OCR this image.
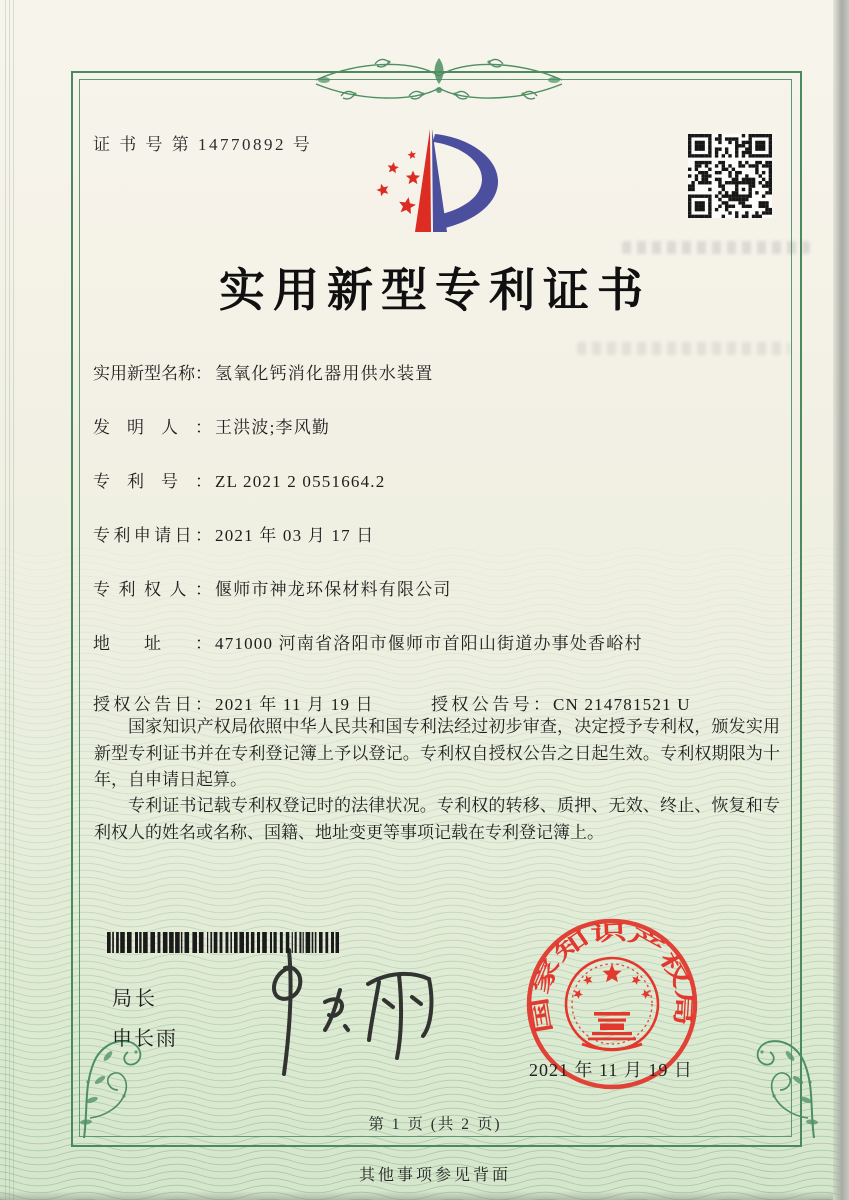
证 书 号 第 14770892 号
实用新型专利证书
实用新型名称： 氢氧化钙消化器用供水装置
发明人： 王洪波;李风勤
专利号： ZL 2021 2 0551664.2
专利申请日： 2021 年 03 月 17 日
专利权人： 偃师市神龙环保材料有限公司
地址： 471000 河南省洛阳市偃师市首阳山街道办事处香峪村
授权公告日： 2021 年 11 月 19 日	授权公告号： CN 214781521 U

国家知识产权局依照中华人民共和国专利法经过初步审查，决定授予专利权，颁发实用新型专利证书并在专利登记簿上予以登记。专利权自授权公告之日起生效。专利权期限为十年，自申请日起算。

专利证书记载专利权登记时的法律状况。专利权的转移、质押、无效、终止、恢复和专利权人的姓名或名称、国籍、地址变更等事项记载在专利登记簿上。

局长
申长雨
国家知识产权局
2021 年 11 月 19 日
第 1 页 (共 2 页)
其他事项参见背面
